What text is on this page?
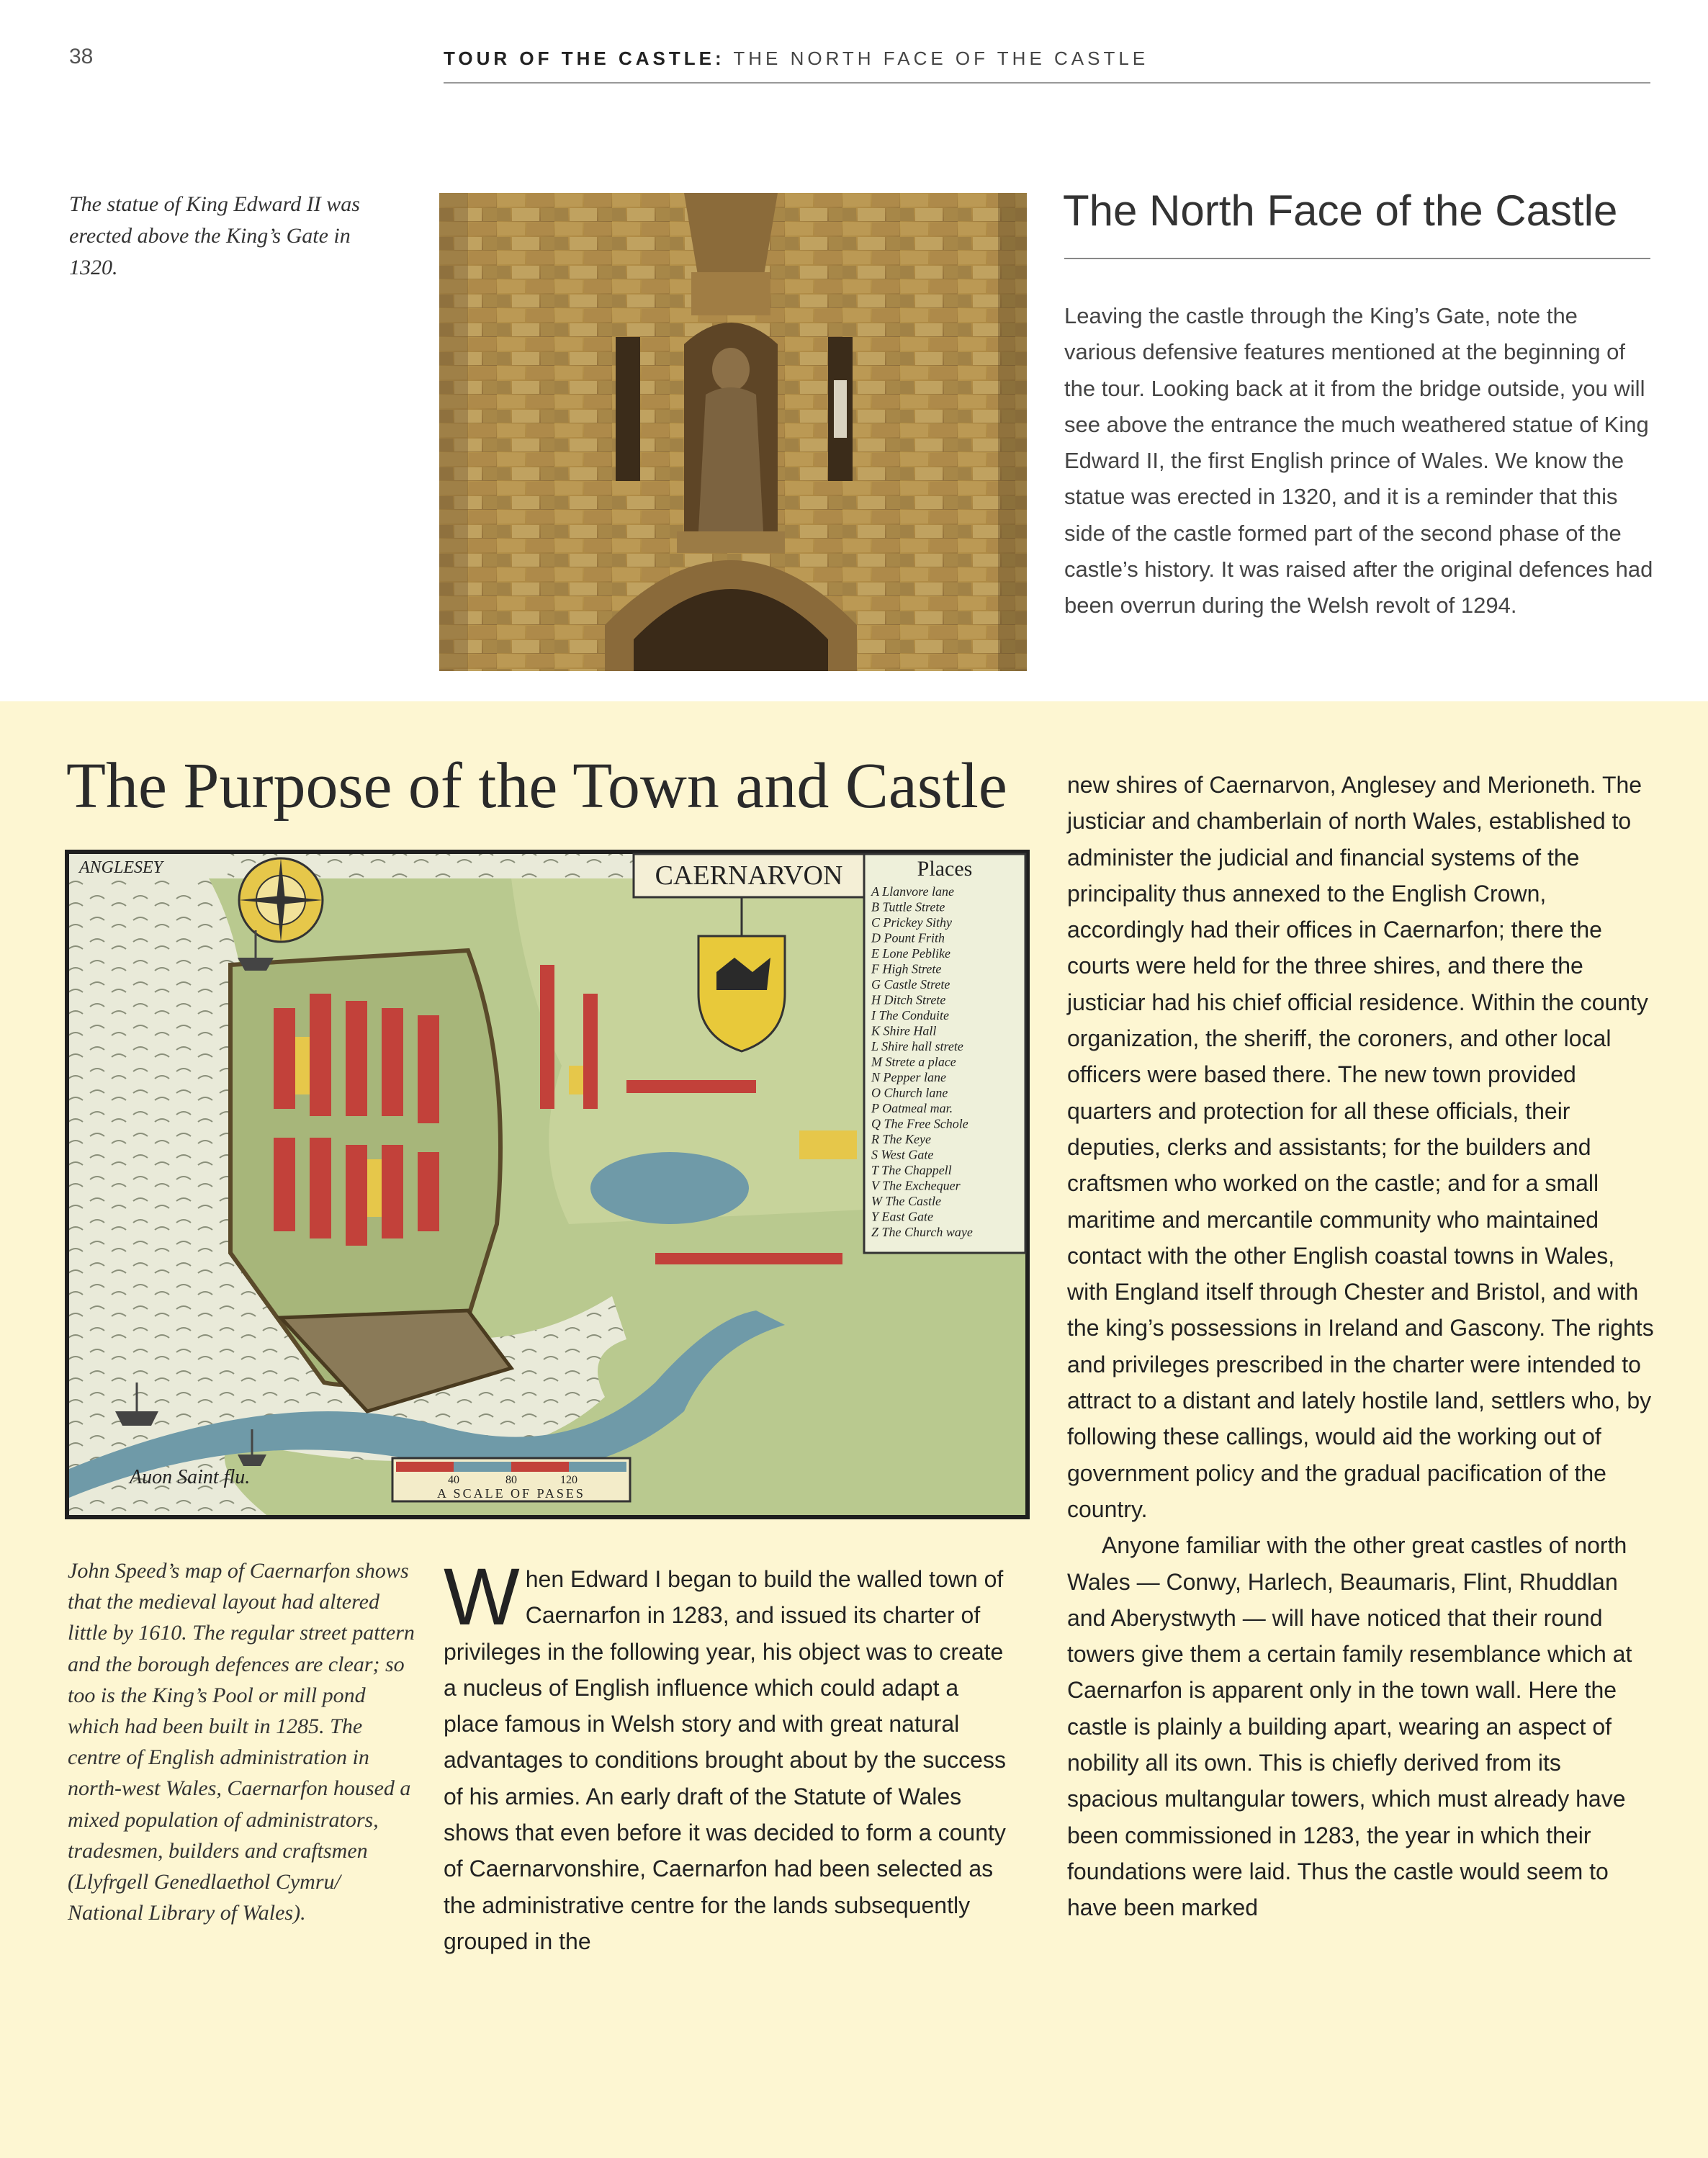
38	TOUR OF THE CASTLE: THE NORTH FACE OF THE CASTLE
The statue of King Edward II was erected above the King’s Gate in 1320.

The North Face of the Castle

Leaving the castle through the King’s Gate, note the various defensive features mentioned at the beginning of the tour. Looking back at it from the bridge outside, you will see above the entrance the much weathered statue of King Edward II, the first English prince of Wales. We know the statue was erected in 1320, and it is a reminder that this side of the castle formed part of the second phase of the castle’s history. It was raised after the original defences had been overrun during the Welsh revolt of 1294.

The Purpose of the Town and Castle
CAERNARVON	Places
A Llanvore lane
B Tuttle Strete
C Prickey Sithy
D Pount Frith
E Lone Peblike
F High Strete
G Castle Strete
H Ditch Strete
I The Conduite
K Shire Hall
L Shire hall strete
M Strete a place
N Pepper lane
O Church lane
P Oatmeal mar.
Q The Free Schole
R The Keye
S West Gate
T The Chappell
V The Exchequer
W The Castle
Y East Gate
Z The Church waye
ANGLESEY
Auon Saint flu.	40	80	120
A SCALE OF PASES
John Speed’s map of Caernarfon shows that the medieval layout had altered little by 1610. The regular street pattern and the borough defences are clear; so too is the King’s Pool or mill pond which had been built in 1285. The centre of English administration in north-west Wales, Caernarfon housed a mixed population of administrators, tradesmen, builders and craftsmen (Llyfrgell Genedlaethol Cymru/ National Library of Wales).
When Edward I began to build the walled town of Caernarfon in 1283, and issued its charter of privileges in the following year, his object was to create a nucleus of English influence which could adapt a place famous in Welsh story and with great natural advantages to conditions brought about by the success of his armies. An early draft of the Statute of Wales shows that even before it was decided to form a county of Caernarvonshire, Caernarfon had been selected as the administrative centre for the lands subsequently grouped in the

new shires of Caernarvon, Anglesey and Merioneth. The justiciar and chamberlain of north Wales, established to administer the judicial and financial systems of the principality thus annexed to the English Crown, accordingly had their offices in Caernarfon; there the courts were held for the three shires, and there the justiciar had his chief official residence. Within the county organization, the sheriff, the coroners, and other local officers were based there. The new town provided quarters and protection for all these officials, their deputies, clerks and assistants; for the builders and craftsmen who worked on the castle; and for a small maritime and mercantile community who maintained contact with the other English coastal towns in Wales, with England itself through Chester and Bristol, and with the king’s possessions in Ireland and Gascony. The rights and privileges prescribed in the charter were intended to attract to a distant and lately hostile land, settlers who, by following these callings, would aid the working out of government policy and the gradual pacification of the country.

Anyone familiar with the other great castles of north Wales — Conwy, Harlech, Beaumaris, Flint, Rhuddlan and Aberystwyth — will have noticed that their round towers give them a certain family resemblance which at Caernarfon is apparent only in the town wall. Here the castle is plainly a building apart, wearing an aspect of nobility all its own. This is chiefly derived from its spacious multangular towers, which must already have been commissioned in 1283, the year in which their foundations were laid. Thus the castle would seem to have been marked
